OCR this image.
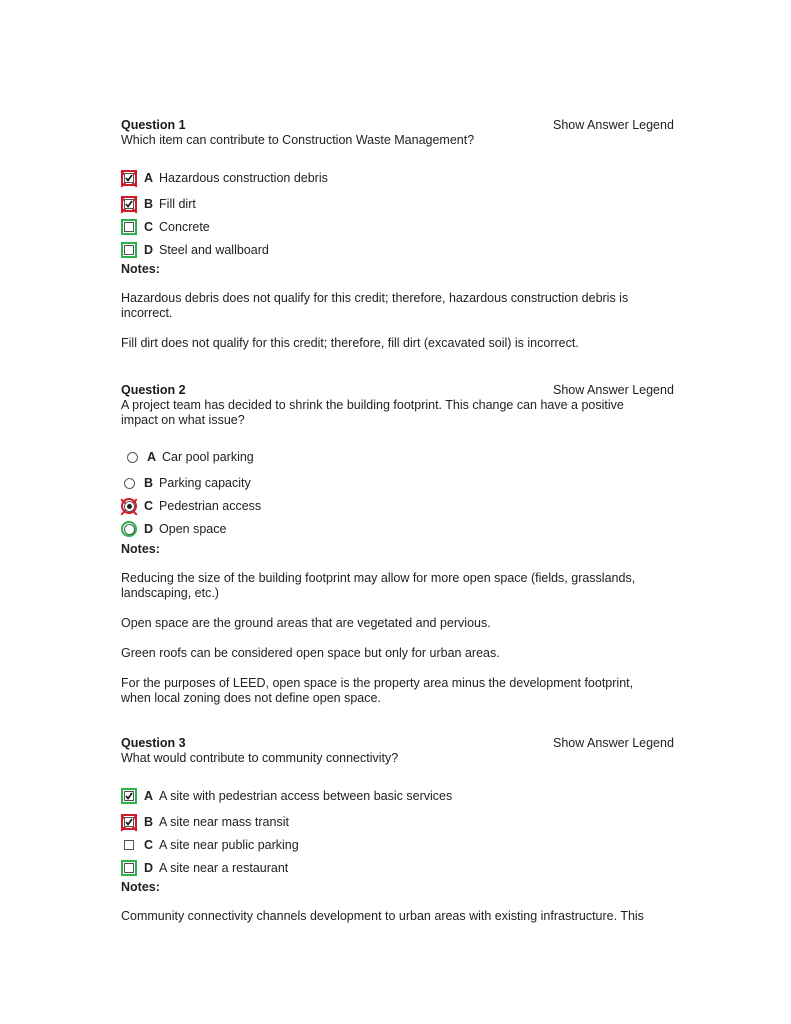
Question 1	Show Answer Legend
Which item can contribute to Construction Waste Management?
A Hazardous construction debris
B Fill dirt
C Concrete
D Steel and wallboard
Notes:
Hazardous debris does not qualify for this credit; therefore, hazardous construction debris is incorrect.
Fill dirt does not qualify for this credit; therefore, fill dirt (excavated soil) is incorrect.
Question 2	Show Answer Legend
A project team has decided to shrink the building footprint. This change can have a positive impact on what issue?
A Car pool parking
B Parking capacity
C Pedestrian access
D Open space
Notes:
Reducing the size of the building footprint may allow for more open space (fields, grasslands, landscaping, etc.)
Open space are the ground areas that are vegetated and pervious.
Green roofs can be considered open space but only for urban areas.
For the purposes of LEED, open space is the property area minus the development footprint, when local zoning does not define open space.
Question 3	Show Answer Legend
What would contribute to community connectivity?
A A site with pedestrian access between basic services
B A site near mass transit
C A site near public parking
D A site near a restaurant
Notes:
Community connectivity channels development to urban areas with existing infrastructure. This
